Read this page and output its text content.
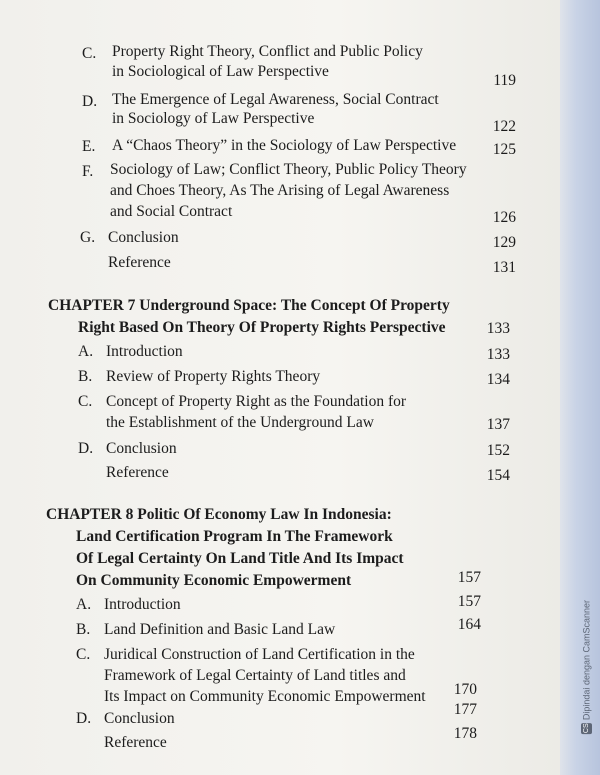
C. Property Right Theory, Conflict and Public Policy
in Sociological of Law Perspective
119
D. The Emergence of Legal Awareness, Social Contract
in Sociology of Law Perspective	122
E. A “Chaos Theory” in the Sociology of Law Perspective	125
F. Sociology of Law; Conflict Theory, Public Policy Theory
and Choes Theory, As The Arising of Legal Awareness
and Social Contract	126
G. Conclusion	129
Reference	131
CHAPTER 7 Underground Space: The Concept Of Property
Right Based On Theory Of Property Rights Perspective	133
A. Introduction	133
B. Review of Property Rights Theory	134
C. Concept of Property Right as the Foundation for
the Establishment of the Underground Law	137
D. Conclusion	152
Reference	154
CHAPTER 8 Politic Of Economy Law In Indonesia:
Land Certification Program In The Framework
Of Legal Certainty On Land Title And Its Impact
On Community Economic Empowerment	157
A. Introduction	157
B. Land Definition and Basic Land Law	164
C. Juridical Construction of Land Certification in the
Framework of Legal Certainty of Land titles and
Its Impact on Community Economic Empowerment	170
D. Conclusion
177
Reference
178	CS
Dipindai dengan CamScanner
